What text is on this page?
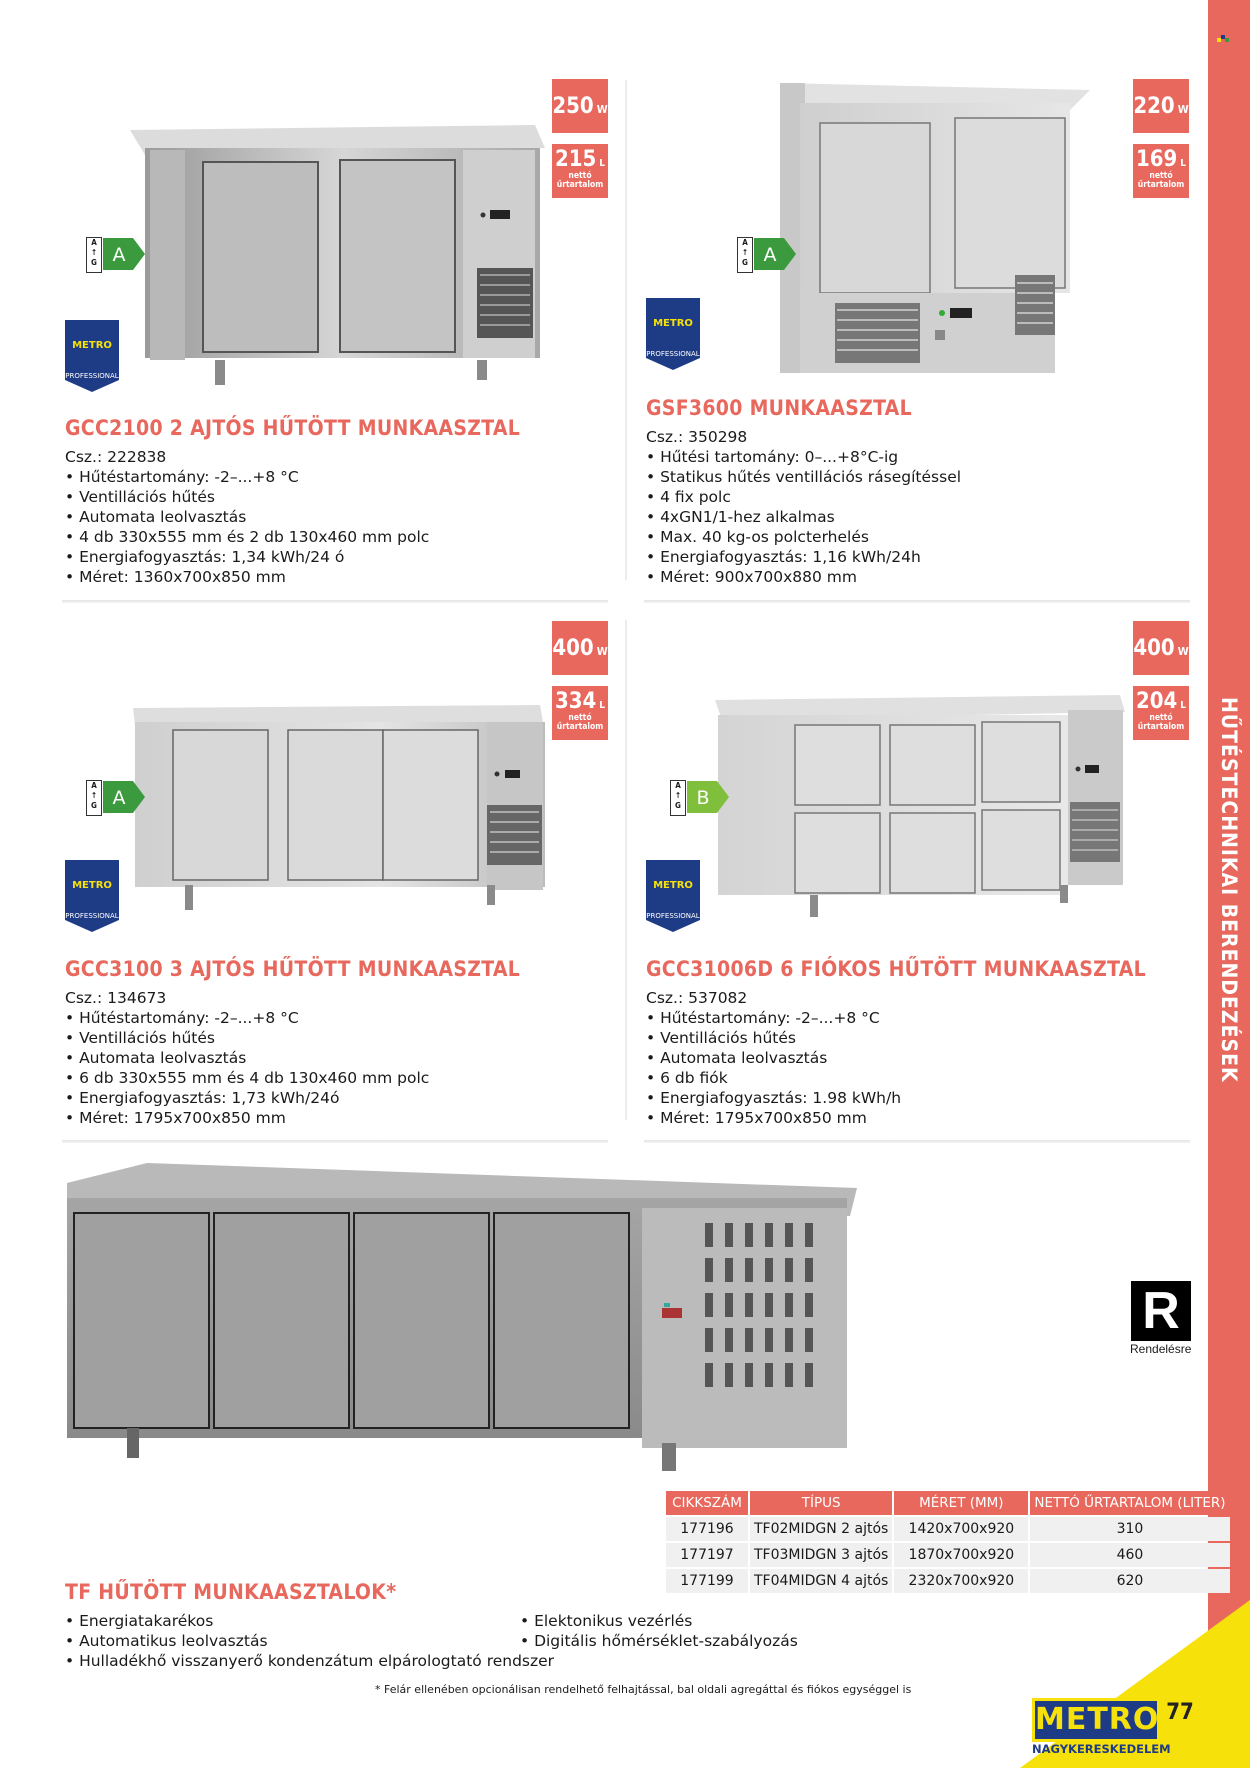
HŰTÉSTECHNIKAI BERENDEZÉSEK
250 W
215 L
nettó
űrtartalom
A
↑
G A
METRO
PROFESSIONAL
GCC2100 2 AJTÓS HŰTÖTT MUNKAASZTAL
Csz.: 222838
• Hűtéstartomány: -2–...+8 °C
• Ventillációs hűtés
• Automata leolvasztás
• 4 db 330x555 mm és 2 db 130x460 mm polc
• Energiafogyasztás: 1,34 kWh/24 ó
• Méret: 1360x700x850 mm
220 W
169 L
nettó
űrtartalom
A
↑
G A
METRO
PROFESSIONAL
GSF3600 MUNKAASZTAL
Csz.: 350298
• Hűtési tartomány: 0–...+8°C-ig
• Statikus hűtés ventillációs rásegítéssel
• 4 fix polc
• 4xGN1/1-hez alkalmas
• Max. 40 kg-os polcterhelés
• Energiafogyasztás: 1,16 kWh/24h
• Méret: 900x700x880 mm
400 W
334 L
nettó
űrtartalom
A
↑
G A
METRO
PROFESSIONAL
GCC3100 3 AJTÓS HŰTÖTT MUNKAASZTAL
Csz.: 134673
• Hűtéstartomány: -2–...+8 °C
• Ventillációs hűtés
• Automata leolvasztás
• 6 db 330x555 mm és 4 db 130x460 mm polc
• Energiafogyasztás: 1,73 kWh/24ó
• Méret: 1795x700x850 mm
400 W
204 L
nettó
űrtartalom
A
↑
G B
METRO
PROFESSIONAL
GCC31006D 6 FIÓKOS HŰTÖTT MUNKAASZTAL
Csz.: 537082
• Hűtéstartomány: -2–...+8 °C
• Ventillációs hűtés
• Automata leolvasztás
• 6 db fiók
• Energiafogyasztás: 1.98 kWh/h
• Méret: 1795x700x850 mm
R
Rendelésre
CIKKSZÁM	TÍPUS	MÉRET (MM)	NETTÓ ŰRTARTALOM (LITER)
177196	TF02MIDGN 2 ajtós	1420x700x920	310
177197	TF03MIDGN 3 ajtós	1870x700x920	460
177199	TF04MIDGN 4 ajtós	2320x700x920	620
TF HŰTÖTT MUNKAASZTALOK*
• Energiatakarékos
• Automatikus leolvasztás
• Hulladékhő visszanyerő kondenzátum elpárologtató rendszer
• Elektonikus vezérlés
• Digitális hőmérséklet-szabályozás
* Felár ellenében opcionálisan rendelhető felhajtással, bal oldali agregáttal és fiókos egységgel is
METRO
NAGYKERESKEDELEM
77
